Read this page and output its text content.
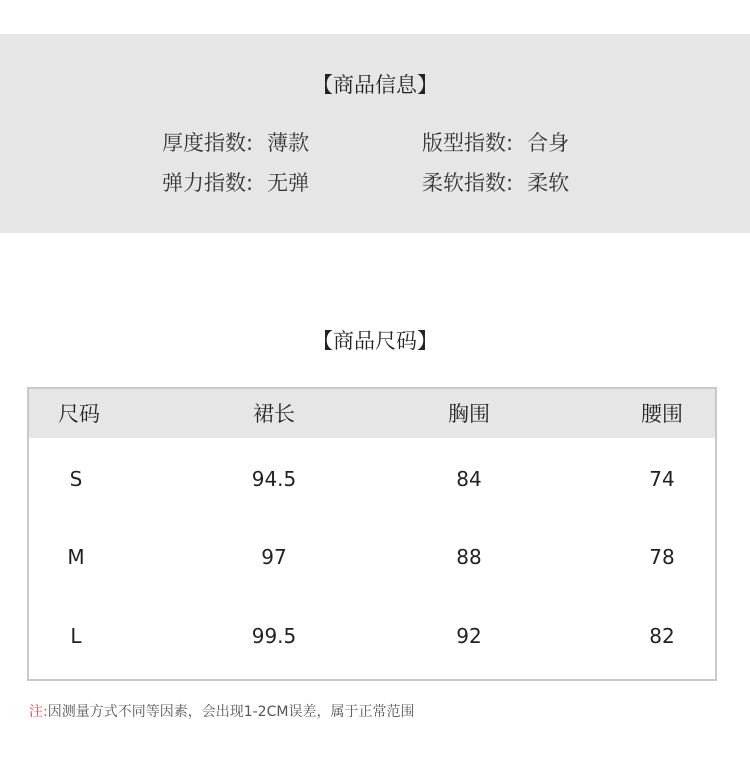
【商品信息】
厚度指数: 薄款	版型指数: 合身
弹力指数: 无弹	柔软指数: 柔软
【商品尺码】
尺码	裙长	胸围	腰围
S	94.5	84	74
M	97	88	78
L	99.5	92	82
注:因测量方式不同等因素，会出现1-2CM误差，属于正常范围
